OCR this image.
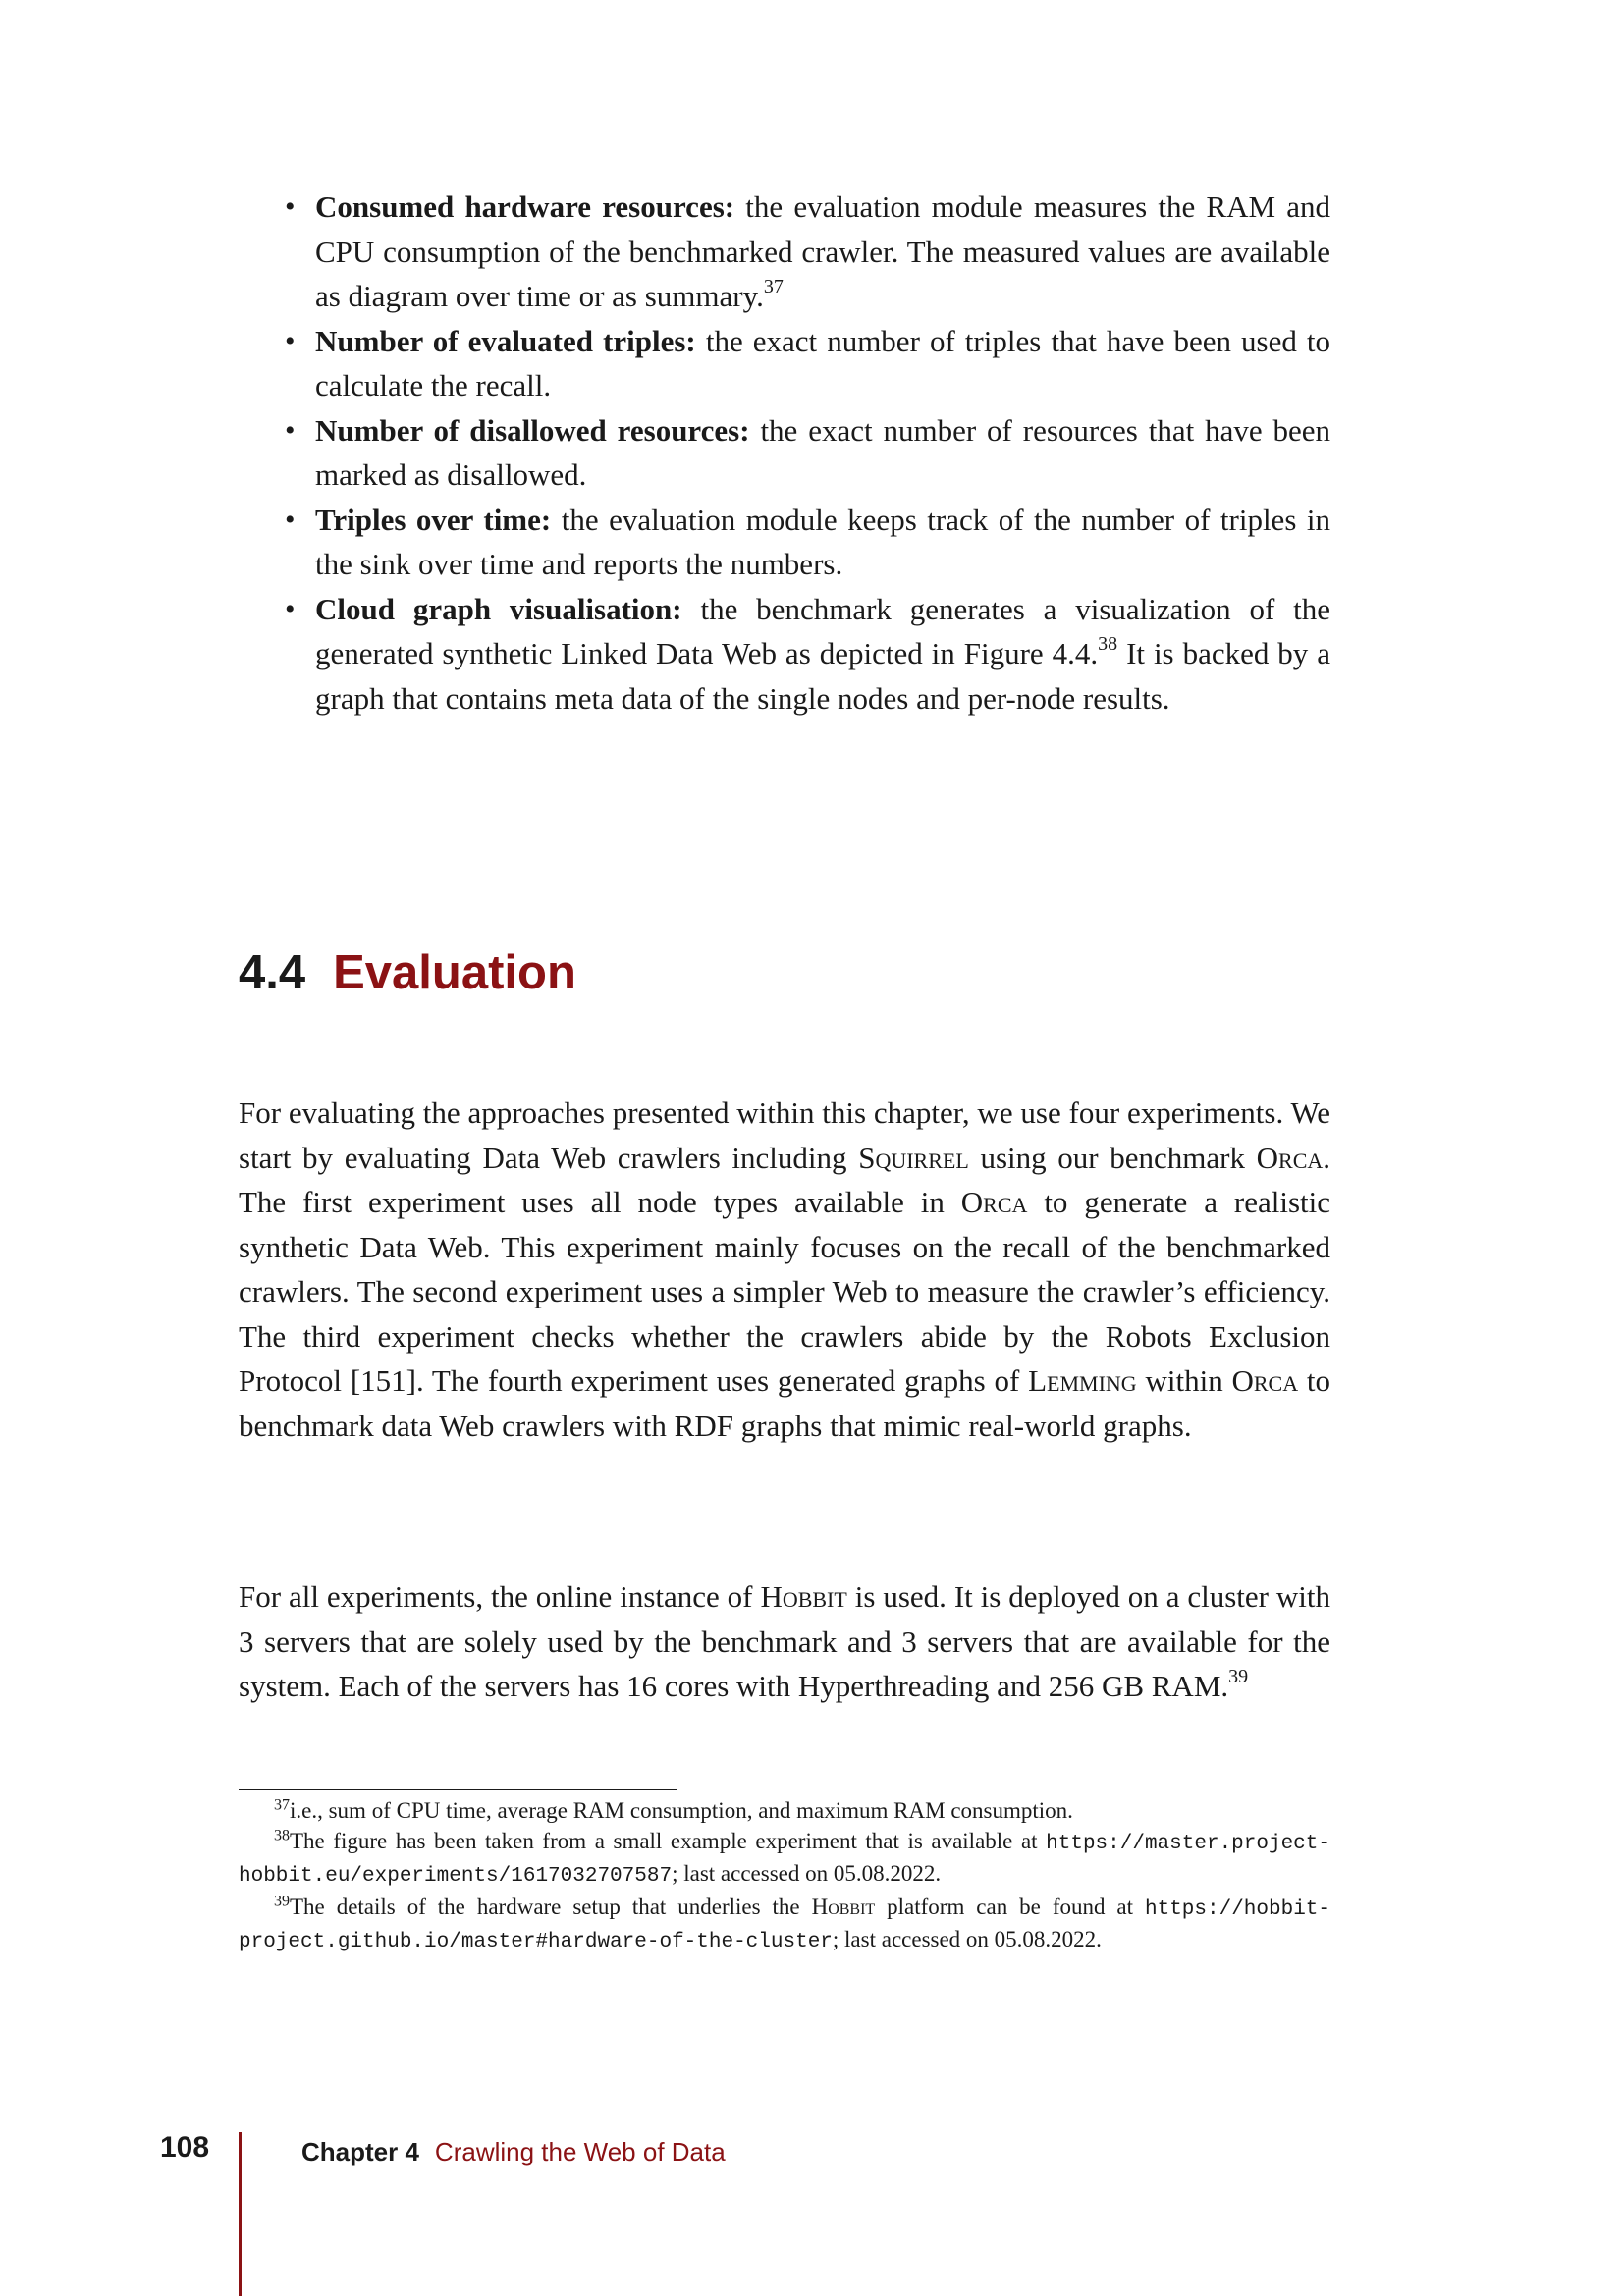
• Consumed hardware resources: the evaluation module measures the RAM and CPU consumption of the benchmarked crawler. The measured values are available as diagram over time or as summary.$^{37}$
• Number of evaluated triples: the exact number of triples that have been used to calculate the recall.
• Number of disallowed resources: the exact number of resources that have been marked as disallowed.
• Triples over time: the evaluation module keeps track of the number of triples in the sink over time and reports the numbers.
• Cloud graph visualisation: the benchmark generates a visualization of the generated synthetic Linked Data Web as depicted in Figure 4.4.38 It is backed by a graph that contains meta data of the single nodes and per-node results.
4.4 Evaluation

For evaluating the approaches presented within this chapter, we use four experiments. We start by evaluating Data Web crawlers including Squirrel using our benchmark Orca. The first experiment uses all node types available in Orca to generate a realistic synthetic Data Web. This experiment mainly focuses on the recall of the benchmarked crawlers. The second experiment uses a simpler Web to measure the crawler’s efficiency. The third experiment checks whether the crawlers abide by the Robots Exclusion Protocol [151]. The fourth experiment uses generated graphs of Lemming within Orca to benchmark data Web crawlers with RDF graphs that mimic real-world graphs.

For all experiments, the online instance of Hobbit is used. It is deployed on a cluster with 3 servers that are solely used by the benchmark and 3 servers that are available for the system. Each of the servers has 16 cores with Hyperthreading and 256 GB RAM.$^{39}$

$^{37}$i.e., sum of CPU time, average RAM consumption, and maximum RAM consumption.
$^{38}$The figure has been taken from a small example experiment that is available at https://master.project-hobbit.eu/experiments/1617032707587; last accessed on 05.08.2022.
$^{39}$The details of the hardware setup that underlies the Hobbit platform can be found at https://hobbit-project.github.io/master#hardware-of-the-cluster; last accessed on 05.08.2022.
108	Chapter 4 Crawling the Web of Data
